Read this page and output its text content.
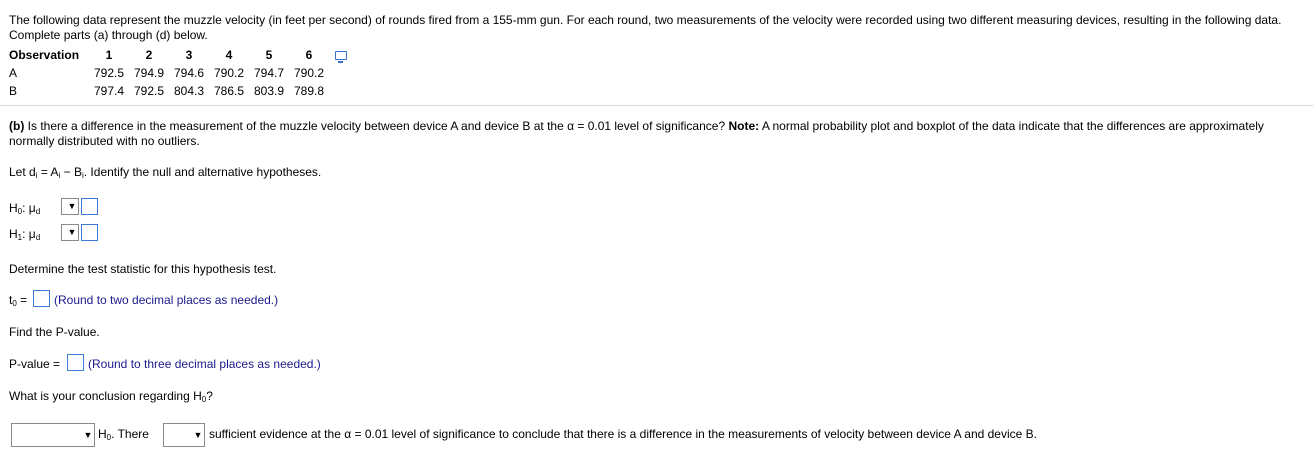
The following data represent the muzzle velocity (in feet per second) of rounds fired from a 155-mm gun. For each round, two measurements of the velocity were recorded using two different measuring devices, resulting in the following data. Complete parts (a) through (d) below.
Observation	1	2	3	4	5	6	
A	792.5	794.9	794.6	790.2	794.7	790.2	
B	797.4	792.5	804.3	786.5	803.9	789.8	
(b) Is there a difference in the measurement of the muzzle velocity between device A and device B at the α = 0.01 level of significance? Note: A normal probability plot and boxplot of the data indicate that the differences are approximately normally distributed with no outliers.
Let $d_i = A_i - B_i$. Identify the null and alternative hypotheses.
$H_0$: $\mu_d$
▼
$H_1$: $\mu_d$
▼
Determine the test statistic for this hypothesis test.
$t_0$ = (Round to two decimal places as needed.)
Find the P-value.
P-value = (Round to three decimal places as needed.)
What is your conclusion regarding $H_0$?
▼ $H_0$. There	▼ sufficient evidence at the α = 0.01 level of significance to conclude that there is a difference in the measurements of velocity between device A and device B.
